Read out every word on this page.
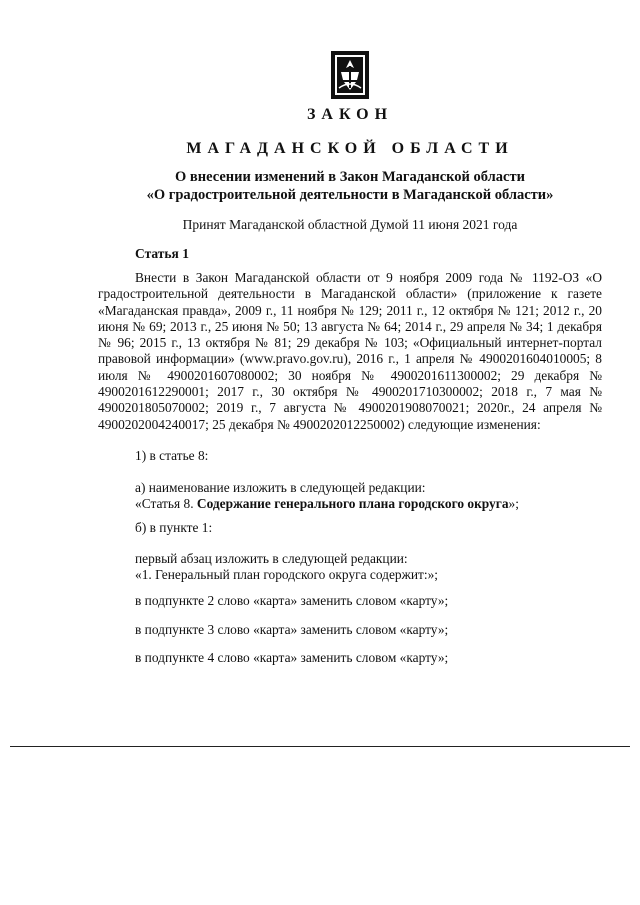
ЗАКОН
МАГАДАНСКОЙ ОБЛАСТИ
О внесении изменений в Закон Магаданской области
«О градостроительной деятельности в Магаданской области»
Принят Магаданской областной Думой 11 июня 2021 года
Статья 1
Внести в Закон Магаданской области от 9 ноября 2009 года № 1192-ОЗ «О градостроительной деятельности в Магаданской области» (приложение к газете «Магаданская правда», 2009 г., 11 ноября № 129; 2011 г., 12 октября № 121; 2012 г., 20 июня № 69; 2013 г., 25 июня № 50; 13 августа № 64; 2014 г., 29 апреля № 34; 1 декабря № 96; 2015 г., 13 октября № 81; 29 декабря № 103; «Официальный интернет-портал правовой информации» (www.pravo.gov.ru), 2016 г., 1 апреля № 4900201604010005; 8 июля № 4900201607080002; 30 ноября № 4900201611300002; 29 декабря № 4900201612290001; 2017 г., 30 октября № 4900201710300002; 2018 г., 7 мая № 4900201805070002; 2019 г., 7 августа № 4900201908070021; 2020г., 24 апреля № 4900202004240017; 25 декабря № 4900202012250002) следующие изменения:
1) в статье 8:
а) наименование изложить в следующей редакции:
«Статья 8. Содержание генерального плана городского округа»;
б) в пункте 1:
первый абзац изложить в следующей редакции:
«1. Генеральный план городского округа содержит:»;
в подпункте 2 слово «карта» заменить словом «карту»;
в подпункте 3 слово «карта» заменить словом «карту»;
в подпункте 4 слово «карта» заменить словом «карту»;
